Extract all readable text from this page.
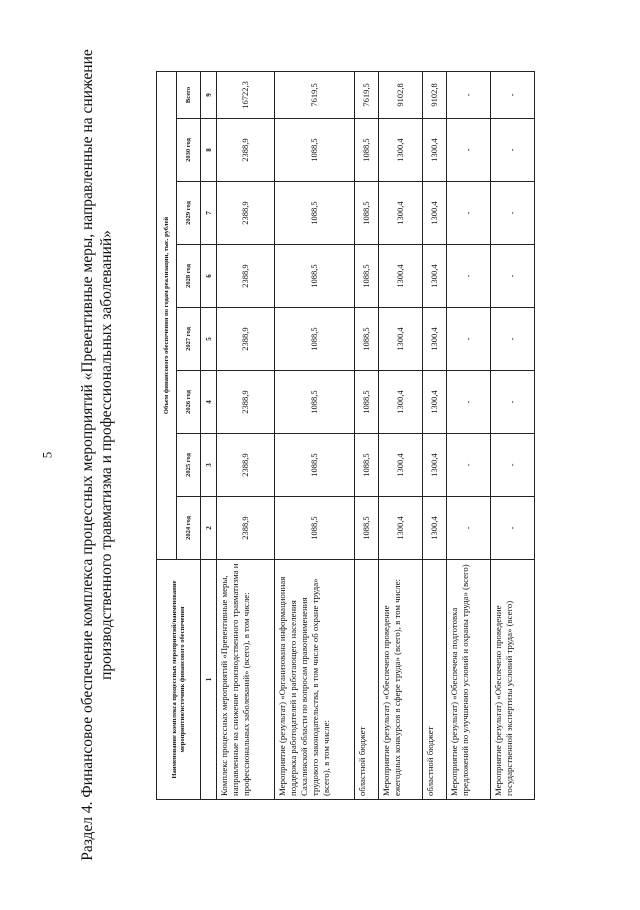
5 Раздел 4. Финансовое обеспечение комплекса процессных мероприятий «Превентивные меры, направленные на снижение производственного травматизма и профессиональных заболеваний»	Наименование комплекса процессных мероприятий/наименование мероприятия/источник финансового обеспечения	Объем финансового обеспечения по годам реализации, тыс. рублей							
	2024 год	2025 год	2026 год	2027 год	2028 год	2029 год	2030 год	Всего
1	2	3	4	5	6	7	8	9
Комплекс процессных мероприятий «Превентивные меры, направленные на снижение производственного травматизма и профессиональных заболеваний» (всего), в том числе:	2388,9	2388,9	2388,9	2388,9	2388,9	2388,9	2388,9	16722,3
Мероприятие (результат) «Организована информационная поддержка работодателей и работающего населения Сахалинской области по вопросам правоприменения трудового законодательства, в том числе об охране труда» (всего), в том числе:	1088,5	1088,5	1088,5	1088,5	1088,5	1088,5	1088,5	7619,5
областной бюджет	1088,5	1088,5	1088,5	1088,5	1088,5	1088,5	1088,5	7619,5
Мероприятие (результат) «Обеспечено проведение ежегодных конкурсов в сфере труда» (всего), в том числе:	1300,4	1300,4	1300,4	1300,4	1300,4	1300,4	1300,4	9102,8
областной бюджет	1300,4	1300,4	1300,4	1300,4	1300,4	1300,4	1300,4	9102,8
Мероприятие (результат) «Обеспечена подготовка предложений по улучшению условий и охраны труда» (всего)	-	-	-	-	-	-	-	-
Мероприятие (результат) «Обеспечено проведение государственной экспертизы условий труда» (всего)	-	-	-	-	-	-	-	-
